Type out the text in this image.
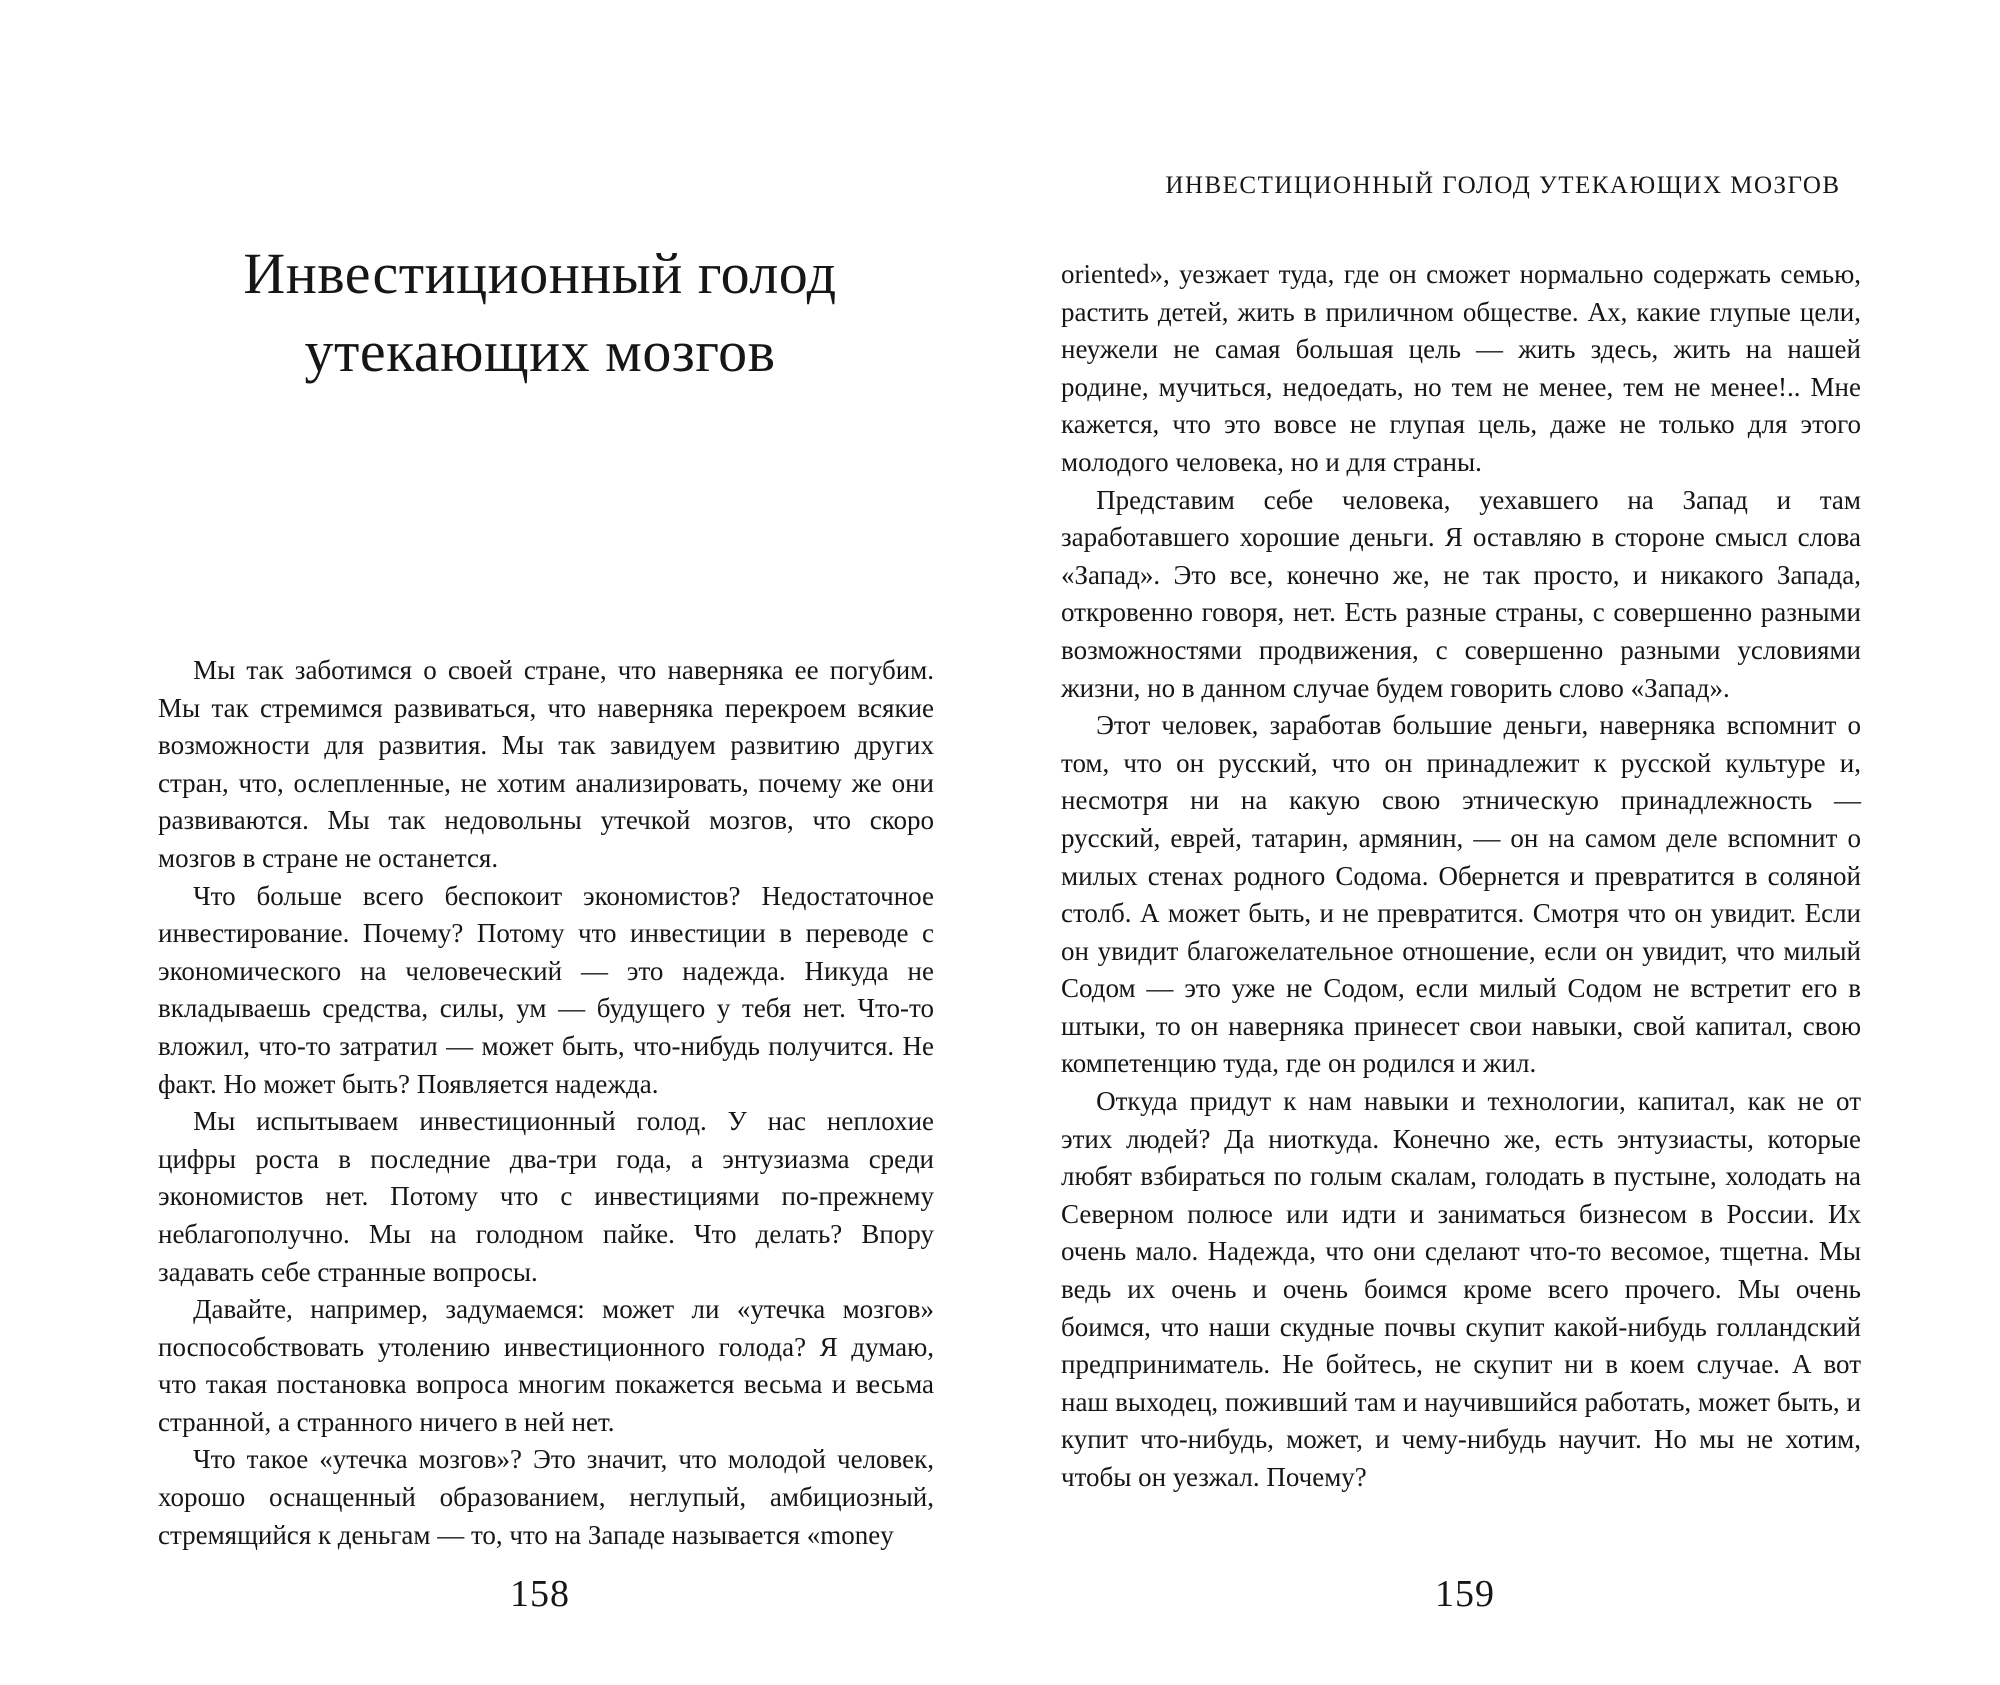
Инвестиционный голод
утекающих мозгов

Мы так заботимся о своей стране, что наверняка ее погубим. Мы так стремимся развиваться, что наверняка перекроем всякие возможности для развития. Мы так завидуем развитию других стран, что, ослепленные, не хотим анализировать, почему же они развиваются. Мы так недовольны утечкой мозгов, что скоро мозгов в стране не останется.

Что больше всего беспокоит экономистов? Недостаточное инвестирование. Почему? Потому что инвестиции в переводе с экономического на человеческий — это надежда. Никуда не вкладываешь средства, силы, ум — будущего у тебя нет. Что-то вложил, что-то затратил — может быть, что-нибудь получится. Не факт. Но может быть? Появляется надежда.

Мы испытываем инвестиционный голод. У нас неплохие цифры роста в последние два-три года, а энтузиазма среди экономистов нет. Потому что с инвестициями по-прежнему неблагополучно. Мы на голодном пайке. Что делать? Впору задавать себе странные вопросы.

Давайте, например, задумаемся: может ли «утечка мозгов» поспособствовать утолению инвестиционного голода? Я думаю, что такая постановка вопроса многим покажется весьма и весьма странной, а странного ничего в ней нет.

Что такое «утечка мозгов»? Это значит, что молодой человек, хорошо оснащенный образованием, неглупый, амбициозный, стремящийся к деньгам — то, что на Западе называется «money

158
ИНВЕСТИЦИОННЫЙ ГОЛОД УТЕКАЮЩИХ МОЗГОВ

oriented», уезжает туда, где он сможет нормально содержать семью, растить детей, жить в приличном обществе. Ах, какие глупые цели, неужели не самая большая цель — жить здесь, жить на нашей родине, мучиться, недоедать, но тем не менее, тем не менее!.. Мне кажется, что это вовсе не глупая цель, даже не только для этого молодого человека, но и для страны.

Представим себе человека, уехавшего на Запад и там заработавшего хорошие деньги. Я оставляю в стороне смысл слова «Запад». Это все, конечно же, не так просто, и никакого Запада, откровенно говоря, нет. Есть разные страны, с совершенно разными возможностями продвижения, с совершенно разными условиями жизни, но в данном случае будем говорить слово «Запад».

Этот человек, заработав большие деньги, наверняка вспомнит о том, что он русский, что он принадлежит к русской культуре и, несмотря ни на какую свою этническую принадлежность — русский, еврей, татарин, армянин, — он на самом деле вспомнит о милых стенах родного Содома. Обернется и превратится в соляной столб. А может быть, и не превратится. Смотря что он увидит. Если он увидит благожелательное отношение, если он увидит, что милый Содом — это уже не Содом, если милый Содом не встретит его в штыки, то он наверняка принесет свои навыки, свой капитал, свою компетенцию туда, где он родился и жил.

Откуда придут к нам навыки и технологии, капитал, как не от этих людей? Да ниоткуда. Конечно же, есть энтузиасты, которые любят взбираться по голым скалам, голодать в пустыне, холодать на Северном полюсе или идти и заниматься бизнесом в России. Их очень мало. Надежда, что они сделают что-то весомое, тщетна. Мы ведь их очень и очень боимся кроме всего прочего. Мы очень боимся, что наши скудные почвы скупит какой-нибудь голландский предприниматель. Не бойтесь, не скупит ни в коем случае. А вот наш выходец, поживший там и научившийся работать, может быть, и купит что-нибудь, может, и чему-нибудь научит. Но мы не хотим, чтобы он уезжал. Почему?

159
